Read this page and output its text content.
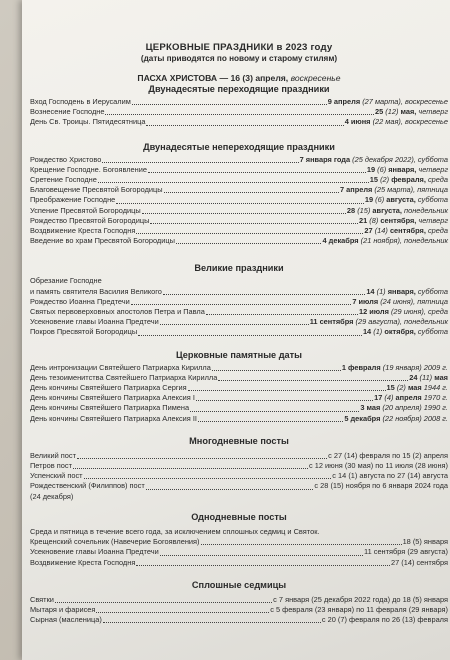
ЦЕРКОВНЫЕ ПРАЗДНИКИ в 2023 году
(даты приводятся по новому и старому стилям)
ПАСХА ХРИСТОВА — 16 (3) апреля, воскресенье
Двунадесятые переходящие праздники
Вход Господень в Иерусалим	9 апреля (27 марта), воскресенье
Вознесение Господне	25 (12) мая, четверг
День Св. Троицы. Пятидесятница	4 июня (22 мая), воскресенье
Двунадесятые непереходящие праздники
Рождество Христово	7 января года (25 декабря 2022), суббота
Крещение Господне. Богоявление	19 (6) января, четверг
Сретение Господне	15 (2) февраля, среда
Благовещение Пресвятой Богородицы	7 апреля (25 марта), пятница
Преображение Господне	19 (6) августа, суббота
Успение Пресвятой Богородицы	28 (15) августа, понедельник
Рождество Пресвятой Богородицы	21 (8) сентября, четверг
Воздвижение Креста Господня	27 (14) сентября, среда
Введение во храм Пресвятой Богородицы	4 декабря (21 ноября), понедельник
Великие праздники
Обрезание Господне
и память святителя Василия Великого	14 (1) января, суббота
Рождество Иоанна Предтечи	7 июля (24 июня), пятница
Святых первоверховных апостолов Петра и Павла	12 июля (29 июня), среда
Усекновение главы Иоанна Предтечи	11 сентября (29 августа), понедельник
Покров Пресвятой Богородицы	14 (1) октября, суббота
Церковные памятные даты
День интронизации Святейшего Патриарха Кирилла	1 февраля (19 января) 2009 г.
День тезоименитства Святейшего Патриарха Кирилла	24 (11) мая
День кончины Святейшего Патриарха Сергия	15 (2) мая 1944 г.
День кончины Святейшего Патриарха Алексия I	17 (4) апреля 1970 г.
День кончины Святейшего Патриарха Пимена	3 мая (20 апреля) 1990 г.
День кончины Святейшего Патриарха Алексия II	5 декабря (22 ноября) 2008 г.
Многодневные посты
Великий пост	с 27 (14) февраля по 15 (2) апреля
Петров пост	с 12 июня (30 мая) по 11 июля (28 июня)
Успенский пост	с 14 (1) августа по 27 (14) августа
Рождественский (Филиппов) пост	с 28 (15) ноября по 6 января 2024 года
(24 декабря)
Однодневные посты
Среда и пятница в течение всего года, за исключением сплошных седмиц и Святок.
Крещенский сочельник (Навечерие Богоявления)	18 (5) января
Усекновение главы Иоанна Предтечи	11 сентября (29 августа)
Воздвижение Креста Господня	27 (14) сентября
Сплошные седмицы
Святки	с 7 января (25 декабря 2022 года) до 18 (5) января
Мытаря и фарисея	с 5 февраля (23 января) по 11 февраля (29 января)
Сырная (масленица)	с 20 (7) февраля по 26 (13) февраля
